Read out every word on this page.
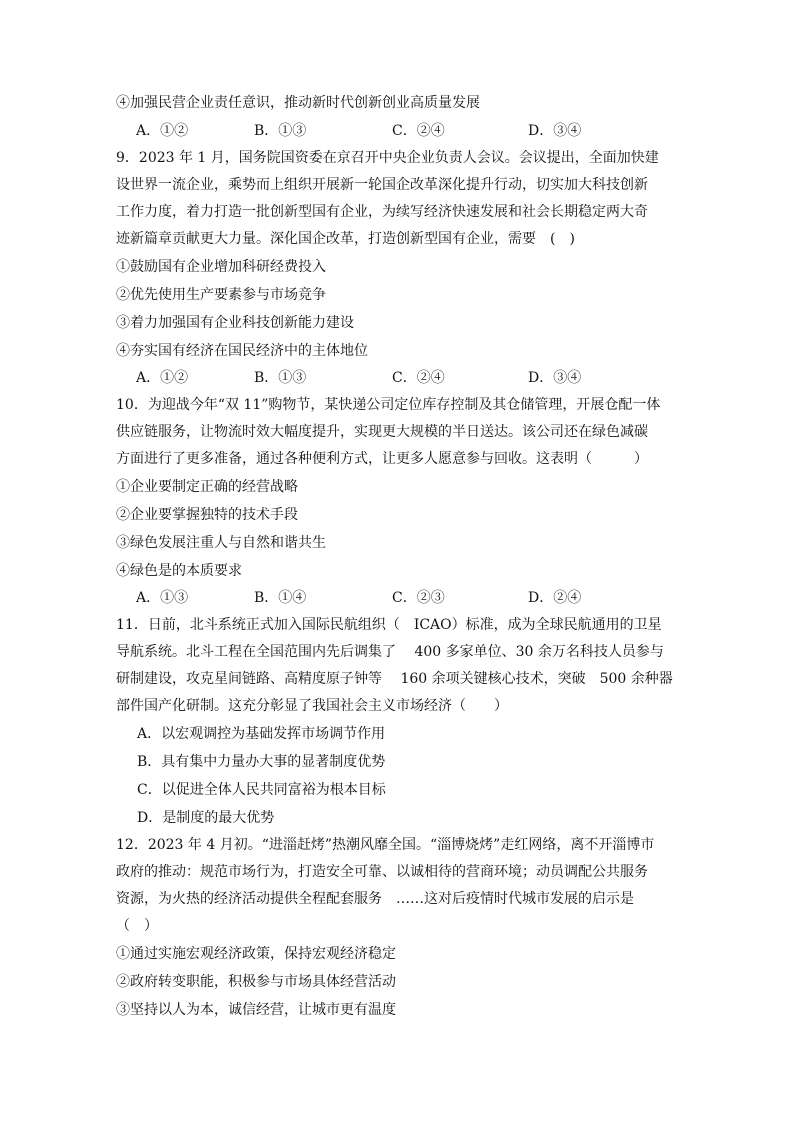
④加强民营企业责任意识，推动新时代创新创业高质量发展
A．①②	B．①③	C．②④	D．③④
9．2023 年 1 月，国务院国资委在京召开中央企业负责人会议。会议提出，全面加快建
设世界一流企业，乘势而上组织开展新一轮国企改革深化提升行动，切实加大科技创新
工作力度，着力打造一批创新型国有企业，为续写经济快速发展和社会长期稳定两大奇
迹新篇章贡献更大力量。深化国企改革，打造创新型国有企业，需要　(　)
①鼓励国有企业增加科研经费投入
②优先使用生产要素参与市场竞争
③着力加强国有企业科技创新能力建设
④夯实国有经济在国民经济中的主体地位
A．①②	B．①③	C．②④	D．③④
10．为迎战今年“双 11”购物节，某快递公司定位库存控制及其仓储管理，开展仓配一体
供应链服务，让物流时效大幅度提升，实现更大规模的半日送达。该公司还在绿色减碳
方面进行了更多准备，通过各种便利方式，让更多人愿意参与回收。这表明（　　　）
①企业要制定正确的经营战略
②企业要掌握独特的技术手段
③绿色发展注重人与自然和谐共生
④绿色是的本质要求
A．①③	B．①④	C．②③	D．②④
11．日前，北斗系统正式加入国际民航组织（　ICAO）标准，成为全球民航通用的卫星
导航系统。北斗工程在全国范围内先后调集了　 400 多家单位、30 余万名科技人员参与
研制建设，攻克星间链路、高精度原子钟等　 160 余项关键核心技术，突破　500 余种器
部件国产化研制。这充分彰显了我国社会主义市场经济（　　）
A．以宏观调控为基础发挥市场调节作用
B．具有集中力量办大事的显著制度优势
C．以促进全体人民共同富裕为根本目标
D．是制度的最大优势
12．2023 年 4 月初。“进淄赶烤”热潮风靡全国。“淄博烧烤”走红网络，离不开淄博市
政府的推动：规范市场行为，打造安全可靠、以诚相待的营商环境；动员调配公共服务
资源，为火热的经济活动提供全程配套服务　……这对后疫情时代城市发展的启示是
（　）
①通过实施宏观经济政策，保持宏观经济稳定
②政府转变职能，积极参与市场具体经营活动
③坚持以人为本，诚信经营，让城市更有温度
